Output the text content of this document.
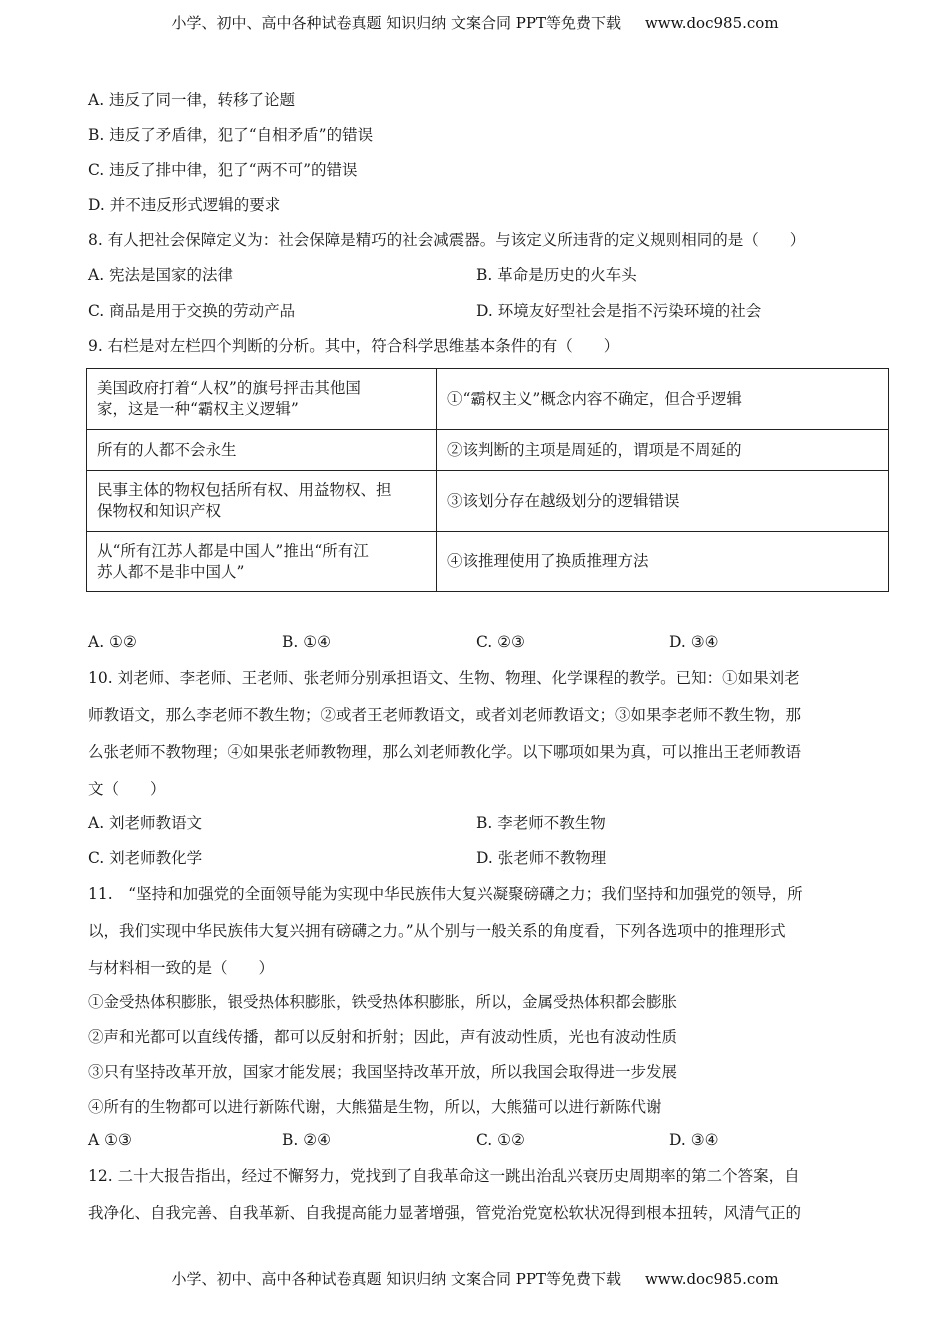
小学、初中、高中各种试卷真题 知识归纳 文案合同 PPT等免费下载 www.doc985.com
A. 违反了同一律，转移了论题
B. 违反了矛盾律，犯了“自相矛盾”的错误
C. 违反了排中律，犯了“两不可”的错误
D. 并不违反形式逻辑的要求
8. 有人把社会保障定义为：社会保障是精巧的社会减震器。与该定义所违背的定义规则相同的是（　　）
A. 宪法是国家的法律	B. 革命是历史的火车头
C. 商品是用于交换的劳动产品	D. 环境友好型社会是指不污染环境的社会
9. 右栏是对左栏四个判断的分析。其中，符合科学思维基本条件的有（　　）
美国政府打着“人权”的旗号抨击其他国
家，这是一种“霸权主义逻辑”	①“霸权主义”概念内容不确定，但合乎逻辑

所有的人都不会永生	②该判断的主项是周延的，谓项是不周延的

民事主体的物权包括所有权、用益物权、担
保物权和知识产权	③该划分存在越级划分的逻辑错误

从“所有江苏人都是中国人”推出“所有江
苏人都不是非中国人”	④该推理使用了换质推理方法
A. ①②	B. ①④	C. ②③	D. ③④
10. 刘老师、李老师、王老师、张老师分别承担语文、生物、物理、化学课程的教学。已知：①如果刘老
师教语文，那么李老师不教生物；②或者王老师教语文，或者刘老师教语文；③如果李老师不教生物，那
么张老师不教物理；④如果张老师教物理，那么刘老师教化学。以下哪项如果为真，可以推出王老师教语
文（　　）
A. 刘老师教语文	B. 李老师不教生物
C. 刘老师教化学	D. 张老师不教物理
11.　“坚持和加强党的全面领导能为实现中华民族伟大复兴凝聚磅礴之力；我们坚持和加强党的领导，所
以，我们实现中华民族伟大复兴拥有磅礴之力。”从个别与一般关系的角度看，下列各选项中的推理形式
与材料相一致的是（　　）
①金受热体积膨胀，银受热体积膨胀，铁受热体积膨胀，所以，金属受热体积都会膨胀
②声和光都可以直线传播，都可以反射和折射；因此，声有波动性质，光也有波动性质
③只有坚持改革开放，国家才能发展；我国坚持改革开放，所以我国会取得进一步发展
④所有的生物都可以进行新陈代谢，大熊猫是生物，所以，大熊猫可以进行新陈代谢
A ①③	B. ②④	C. ①②	D. ③④
12. 二十大报告指出，经过不懈努力，党找到了自我革命这一跳出治乱兴衰历史周期率的第二个答案，自
我净化、自我完善、自我革新、自我提高能力显著增强，管党治党宽松软状况得到根本扭转，风清气正的
小学、初中、高中各种试卷真题 知识归纳 文案合同 PPT等免费下载 www.doc985.com
